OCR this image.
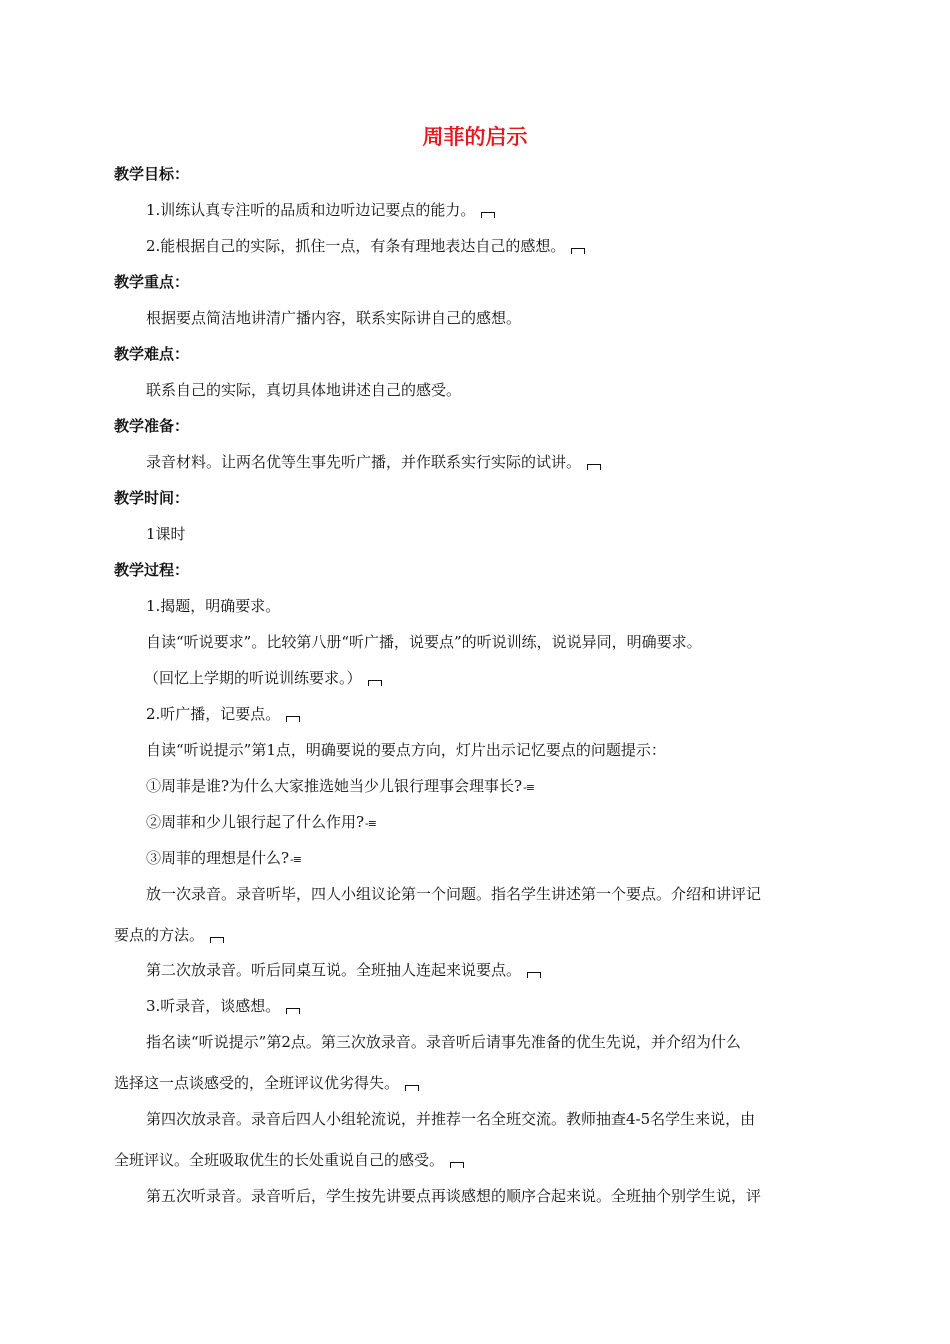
周菲的启示
教学目标：
1.训练认真专注听的品质和边听边记要点的能力。
2.能根据自己的实际，抓住一点，有条有理地表达自己的感想。
教学重点：
根据要点简洁地讲清广播内容，联系实际讲自己的感想。
教学难点：
联系自己的实际，真切具体地讲述自己的感受。
教学准备：
录音材料。让两名优等生事先听广播，并作联系实行实际的试讲。
教学时间：
1课时
教学过程：
1.揭题，明确要求。
自读“听说要求”。比较第八册“听广播，说要点”的听说训练，说说异同，明确要求。
（回忆上学期的听说训练要求。）
2.听广播，记要点。
自读“听说提示”第1点，明确要说的要点方向，灯片出示记忆要点的问题提示：
①周菲是谁?为什么大家推选她当少儿银行理事会理事长?-≡
②周菲和少儿银行起了什么作用?-≡
③周菲的理想是什么?-≡
放一次录音。录音听毕，四人小组议论第一个问题。指名学生讲述第一个要点。介绍和讲评记
要点的方法。
第二次放录音。听后同桌互说。全班抽人连起来说要点。
3.听录音，谈感想。
指名读“听说提示”第2点。第三次放录音。录音听后请事先准备的优生先说，并介绍为什么
选择这一点谈感受的，全班评议优劣得失。
第四次放录音。录音后四人小组轮流说，并推荐一名全班交流。教师抽查4-5名学生来说，由
全班评议。全班吸取优生的长处重说自己的感受。
第五次听录音。录音听后，学生按先讲要点再谈感想的顺序合起来说。全班抽个别学生说，评
